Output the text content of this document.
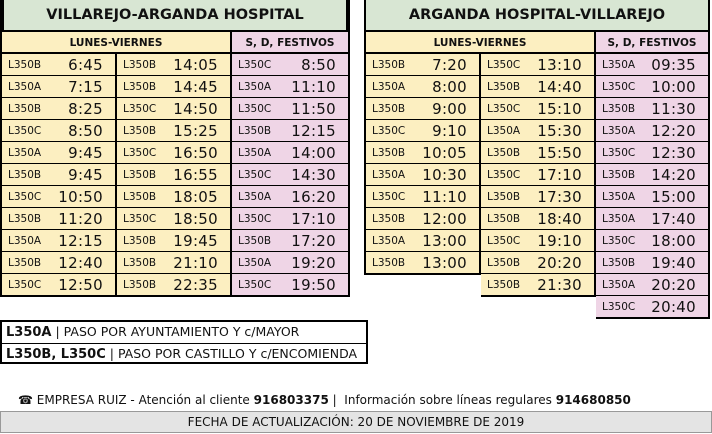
VILLAREJO-ARGANDA HOSPITAL
LUNES-VIERNES	S, D, FESTIVOS
L350B	6:45
L350A	7:15
L350B	8:25
L350C	8:50
L350A	9:45
L350B	9:45
L350C	10:50
L350B	11:20
L350A	12:15
L350B	12:40
L350C	12:50
L350B	14:05
L350B	14:45
L350C	14:50
L350B	15:25
L350C	16:50
L350B	16:55
L350B	18:05
L350C	18:50
L350B	19:45
L350B	21:10
L350B	22:35
L350C	8:50
L350A	11:10
L350C	11:50
L350B	12:15
L350A	14:00
L350C	14:30
L350A	16:20
L350C	17:10
L350B	17:20
L350A	19:20
L350C	19:50
ARGANDA HOSPITAL-VILLAREJO
LUNES-VIERNES	S, D, FESTIVOS
L350B	7:20
L350A	8:00
L350B	9:00
L350C	9:10
L350B	10:05
L350A	10:30
L350C	11:10
L350B	12:00
L350A	13:00
L350B	13:00
L350C	13:10
L350B	14:40
L350C	15:10
L350A	15:30
L350B	15:50
L350C	17:10
L350B	17:30
L350B	18:40
L350C	19:10
L350B	20:20
L350B	21:30
L350A	09:35
L350C	10:00
L350B	11:30
L350A	12:20
L350C	12:30
L350B	14:20
L350A	15:00
L350A	17:40
L350C	18:00
L350B	19:40
L350A	20:20
L350C	20:40
L350A | PASO POR AYUNTAMIENTO Y c/MAYOR
L350B, L350C | PASO POR CASTILLO Y c/ENCOMIENDA
☎ EMPRESA RUIZ - Atención al cliente 916803375 |  Información sobre líneas regulares 914680850
FECHA DE ACTUALIZACIÓN: 20 DE NOVIEMBRE DE 2019
